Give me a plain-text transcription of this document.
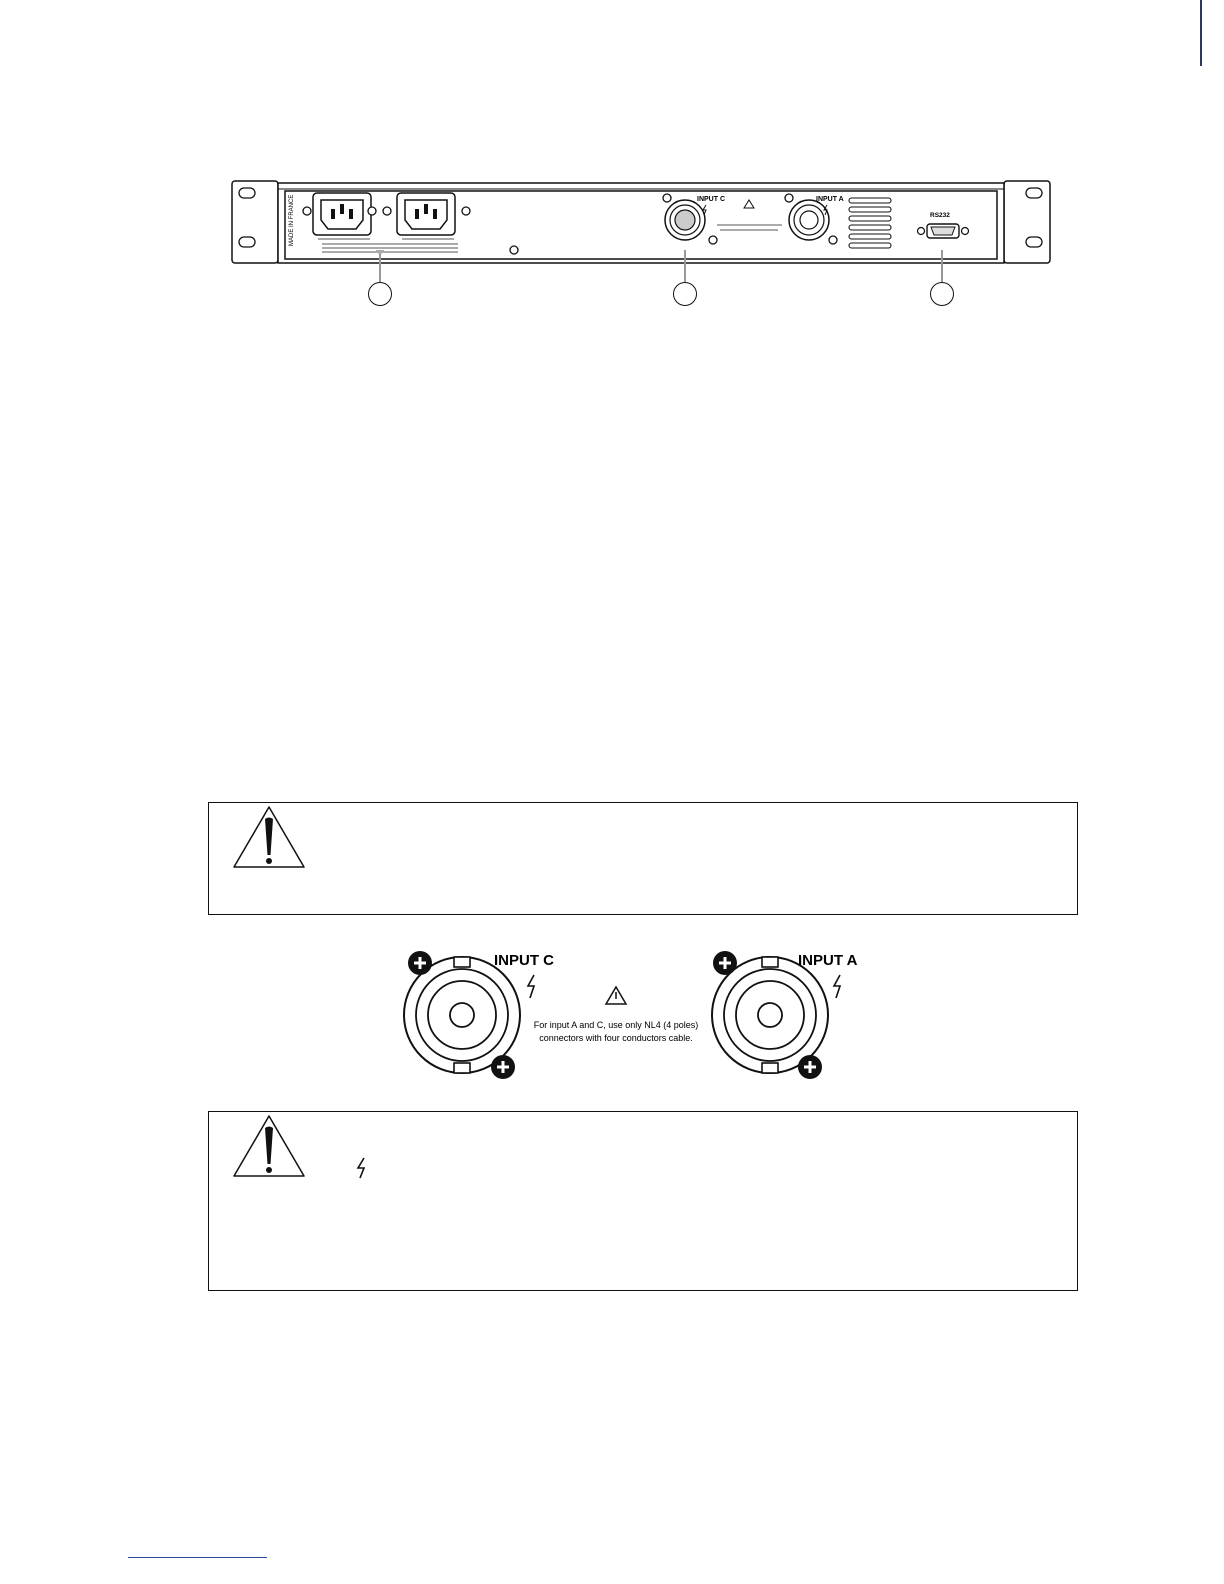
MADE IN FRANCE	INPUT C	INPUT A
RS232
INPUT C
For input A and C, use only NL4 (4 poles)
connectors with four conductors cable.
INPUT A
